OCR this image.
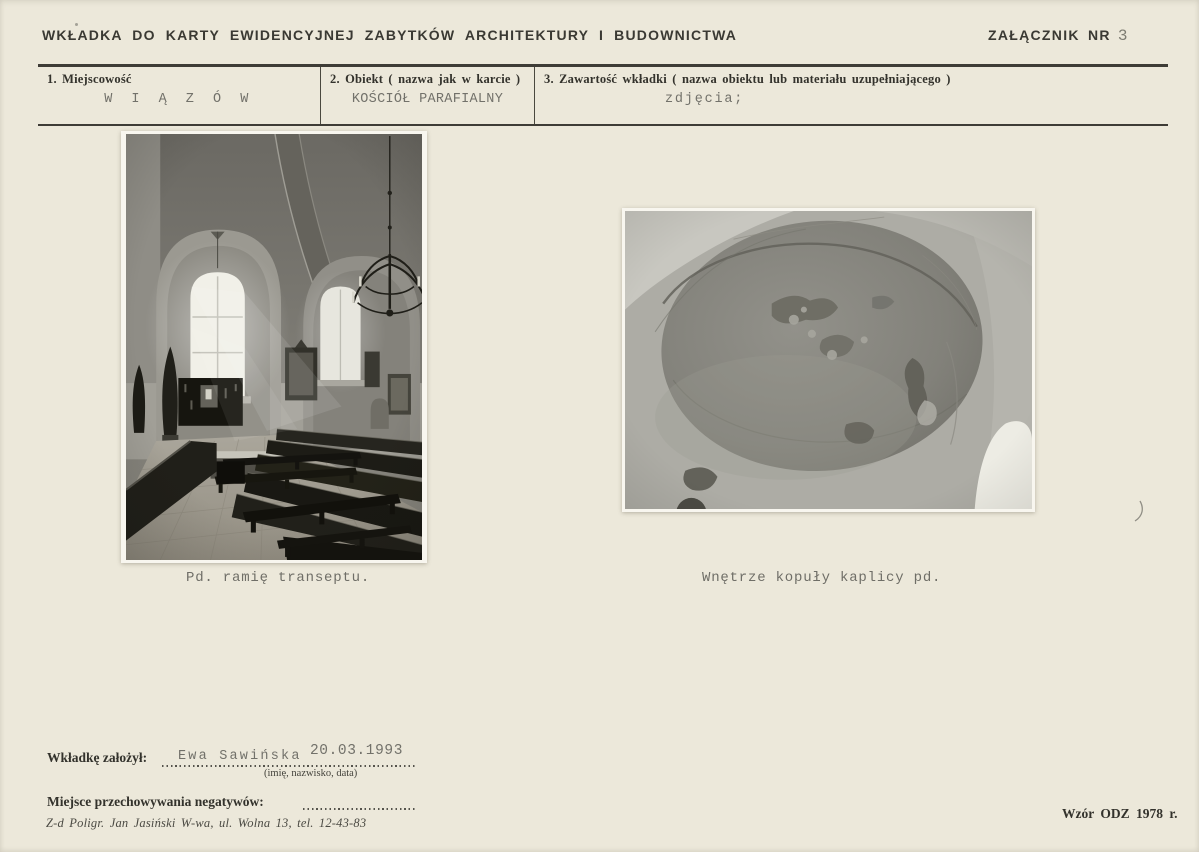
WKŁADKA DO KARTY EWIDENCYJNEJ ZABYTKÓW ARCHITEKTURY I BUDOWNICTWA	ZAŁĄCZNIK NR 3
1. Miejscowość
W I Ą Z Ó W
2. Obiekt ( nazwa jak w karcie )
KOŚCIÓŁ PARAFIALNY
3. Zawartość wkładki ( nazwa obiektu lub materiału uzupełniającego )
zdjęcia;
Pd. ramię transeptu.	Wnętrze kopuły kaplicy pd.
Wkładkę założył: Ewa Sawińska 20.03.1993
(imię, nazwisko, data)
Miejsce przechowywania negatywów:
Z-d Poligr. Jan Jasiński W-wa, ul. Wolna 13, tel. 12-43-83
Wzór ODZ 1978 r.
